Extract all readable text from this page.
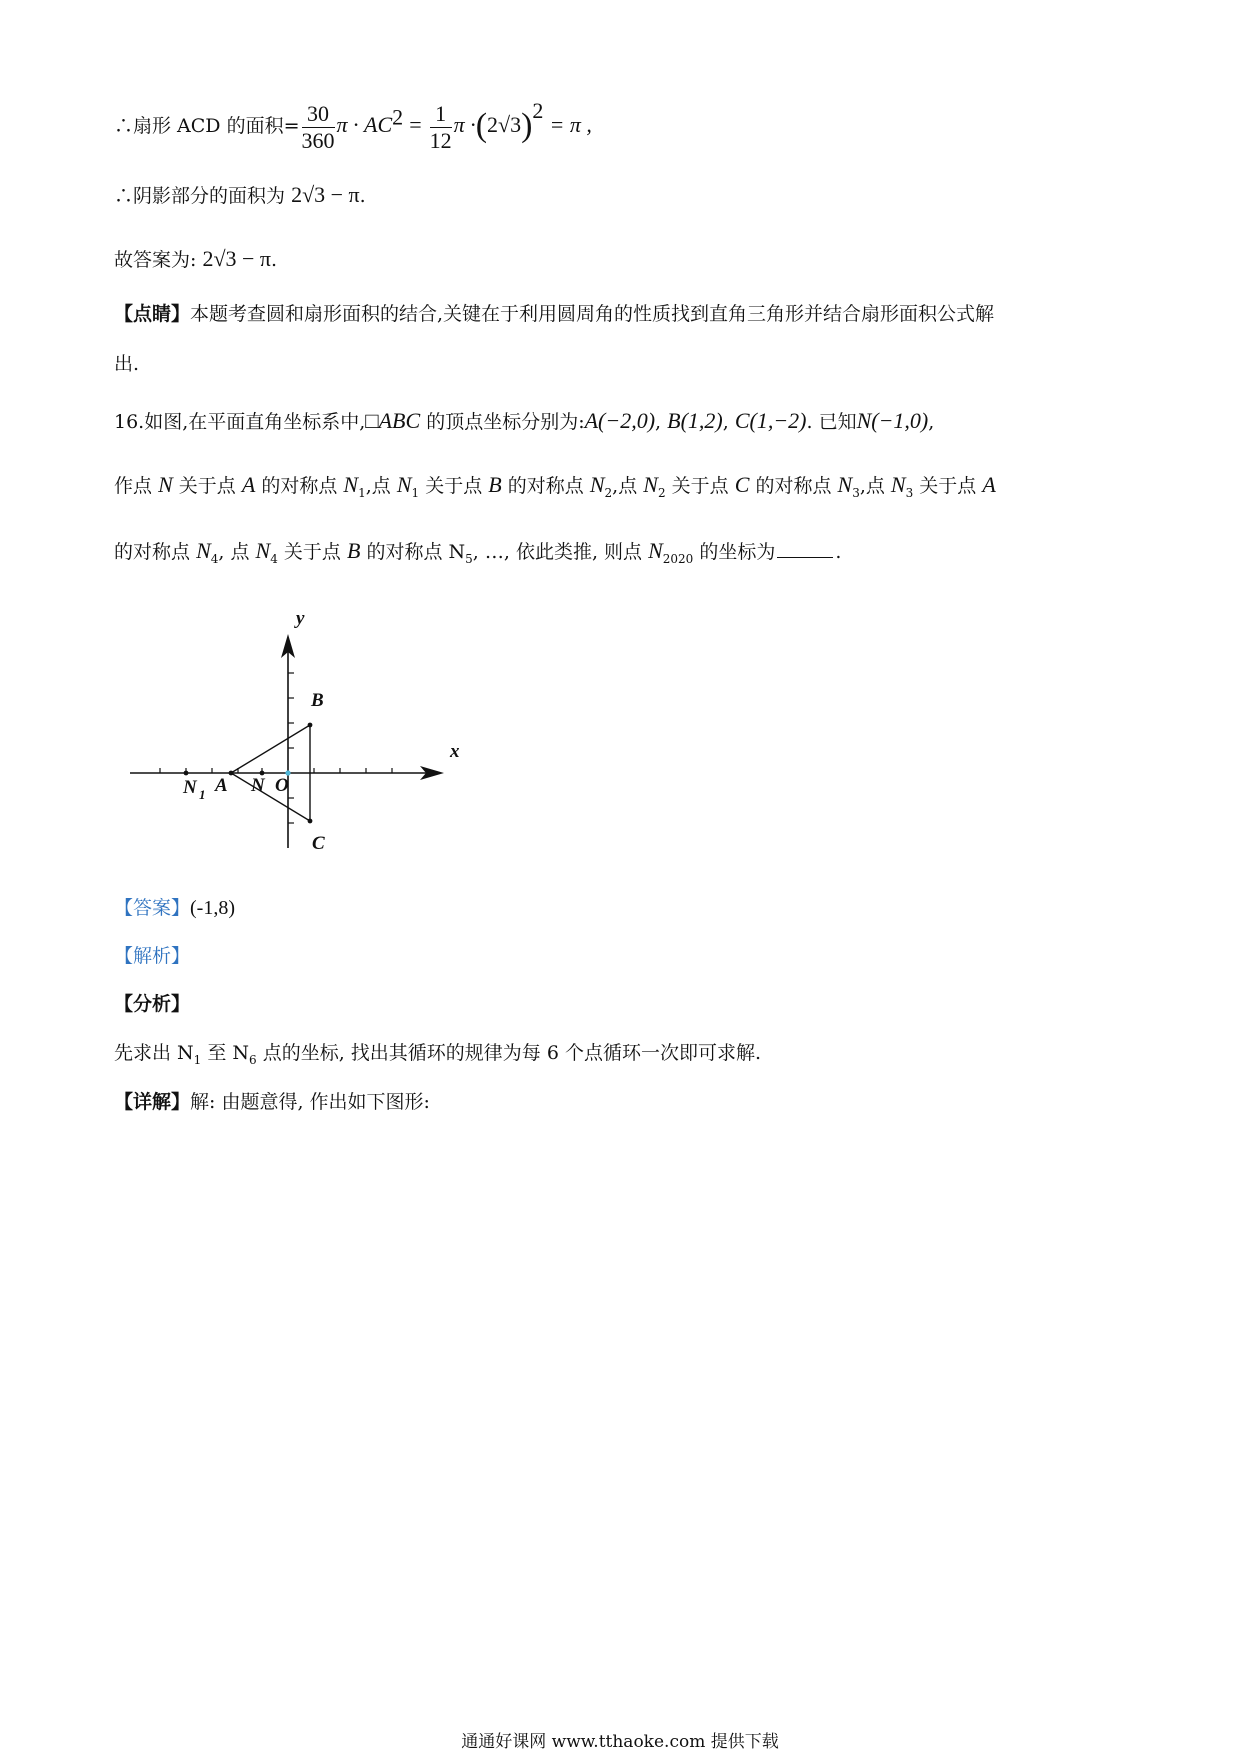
∴扇形 ACD 的面积= $\frac{30}{360}$ $\pi \cdot AC^2 = \frac{1}{12}$ $\pi \cdot(2√3)^2 = \pi$ ,
∴阴影部分的面积为 2√3 − π.
故答案为: 2√3 − π.
【点睛】本题考查圆和扇形面积的结合,关键在于利用圆周角的性质找到直角三角形并结合扇形面积公式解
出.
16.如图,在平面直角坐标系中,□ABC 的顶点坐标分别为:A(−2,0), B(1,2), C(1,−2). 已知N(−1,0),
作点 N 关于点 A 的对称点 $N_1$,点 $N_1$ 关于点 B 的对称点 $N_2$,点 $N_2$ 关于点 C 的对称点 $N_3$,点 $N_3$ 关于点 A
的对称点 $N_4$, 点 $N_4$ 关于点 B 的对称点 $N_5$, …, 依此类推, 则点 $N_{2020}$ 的坐标为	.
y
x
B
C
N 1 A N O
【答案】(-1,8)
【解析】
【分析】
先求出 $N_1$ 至 $N_6$ 点的坐标, 找出其循环的规律为每 6 个点循环一次即可求解.
【详解】解: 由题意得, 作出如下图形:
通通好课网 www.tthaoke.com 提供下载
